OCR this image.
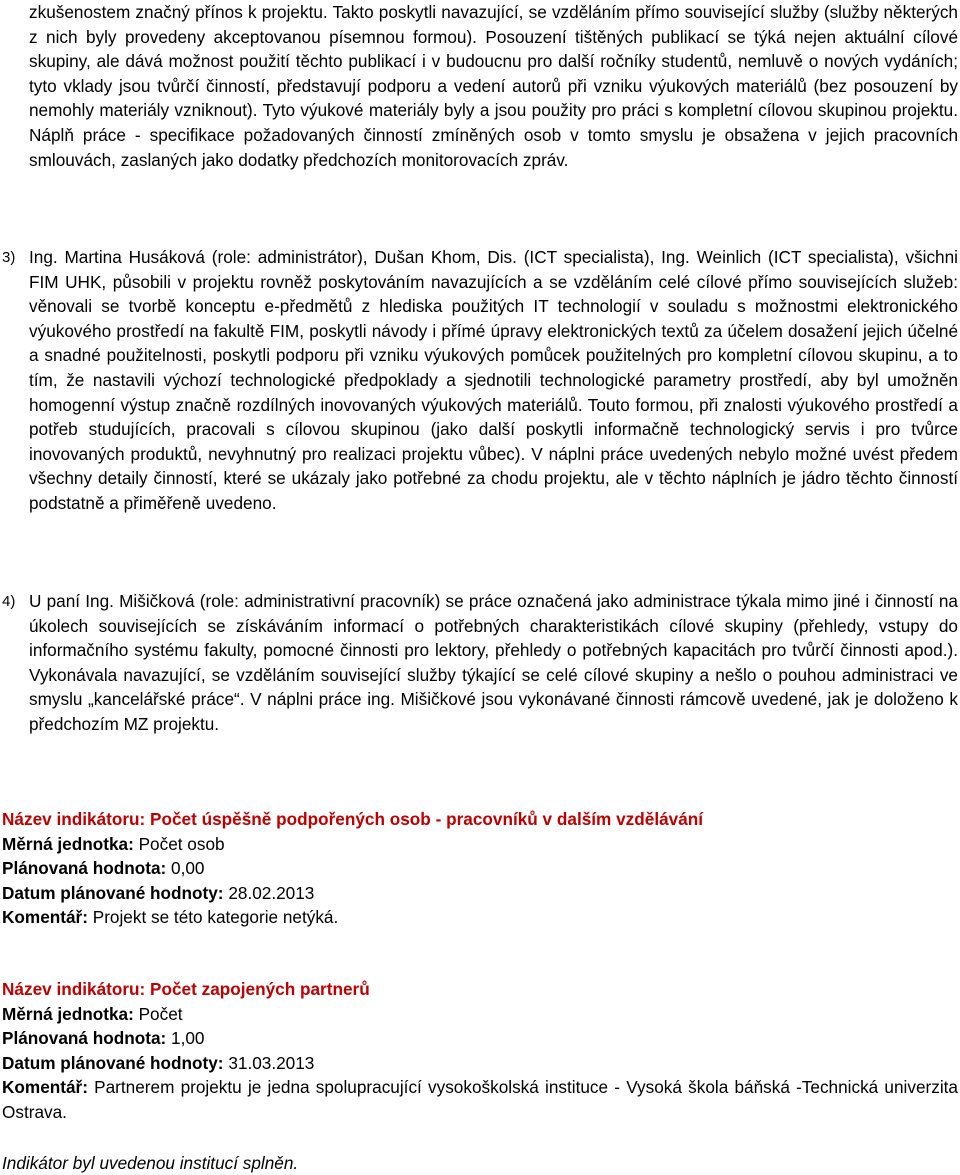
zkušenostem značný přínos k projektu. Takto poskytli navazující, se vzděláním přímo související služby (služby některých z nich byly provedeny akceptovanou písemnou formou). Posouzení tištěných publikací se týká nejen aktuální cílové skupiny, ale dává možnost použití těchto publikací i v budoucnu pro další ročníky studentů, nemluvě o nových vydáních; tyto vklady jsou tvůrčí činností, představují podporu a vedení autorů při vzniku výukových materiálů (bez posouzení by nemohly materiály vzniknout). Tyto výukové materiály byly a jsou použity pro práci s kompletní cílovou skupinou projektu. Náplň práce - specifikace požadovaných činností zmíněných osob v tomto smyslu je obsažena v jejich pracovních smlouvách, zaslaných jako dodatky předchozích monitorovacích zpráv.

3) Ing. Martina Husáková (role: administrátor), Dušan Khom, Dis. (ICT specialista), Ing. Weinlich (ICT specialista), všichni FIM UHK, působili v projektu rovněž poskytováním navazujících a se vzděláním celé cílové přímo souvisejících služeb: věnovali se tvorbě konceptu e-předmětů z hlediska použitých IT technologií v souladu s možnostmi elektronického výukového prostředí na fakultě FIM, poskytli návody i přímé úpravy elektronických textů za účelem dosažení jejich účelné a snadné použitelnosti, poskytli podporu při vzniku výukových pomůcek použitelných pro kompletní cílovou skupinu, a to tím, že nastavili výchozí technologické předpoklady a sjednotili technologické parametry prostředí, aby byl umožněn homogenní výstup značně rozdílných inovovaných výukových materiálů. Touto formou, při znalosti výukového prostředí a potřeb studujících, pracovali s cílovou skupinou (jako další poskytli informačně technologický servis i pro tvůrce inovovaných produktů, nevyhnutný pro realizaci projektu vůbec). V náplni práce uvedených nebylo možné uvést předem všechny detaily činností, které se ukázaly jako potřebné za chodu projektu, ale v těchto náplních je jádro těchto činností podstatně a přiměřeně uvedeno.

4) U paní Ing. Mišičková (role: administrativní pracovník) se práce označená jako administrace týkala mimo jiné i činností na úkolech souvisejících se získáváním informací o potřebných charakteristikách cílové skupiny (přehledy, vstupy do informačního systému fakulty, pomocné činnosti pro lektory, přehledy o potřebných kapacitách pro tvůrčí činnosti apod.). Vykonávala navazující, se vzděláním související služby týkající se celé cílové skupiny a nešlo o pouhou administraci ve smyslu „kancelářské práce“. V náplni práce ing. Mišičkové jsou vykonávané činnosti rámcově uvedené, jak je doloženo k předchozím MZ projektu.

Název indikátoru: Počet úspěšně podpořených osob - pracovníků v dalším vzdělávání
Měrná jednotka: Počet osob
Plánovaná hodnota: 0,00
Datum plánované hodnoty: 28.02.2013
Komentář: Projekt se této kategorie netýká.
Název indikátoru: Počet zapojených partnerů
Měrná jednotka: Počet
Plánovaná hodnota: 1,00
Datum plánované hodnoty: 31.03.2013
Komentář: Partnerem projektu je jedna spolupracující vysokoškolská instituce - Vysoká škola báňská -Technická univerzita Ostrava.
Indikátor byl uvedenou institucí splněn.
